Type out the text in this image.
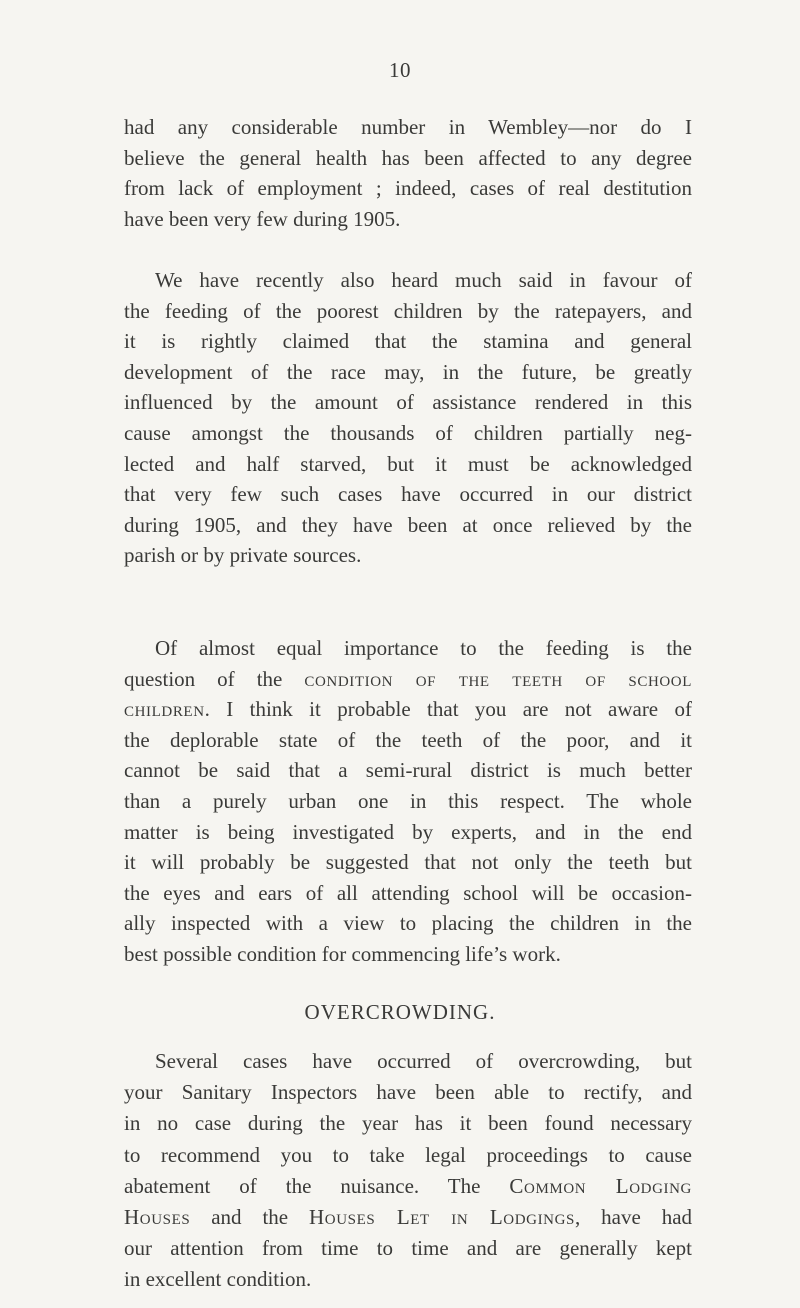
10

had any considerable number in Wembley—nor do I
believe the general health has been affected to any degree
from lack of employment ; indeed, cases of real destitution
have been very few during 1905.

We have recently also heard much said in favour of
the feeding of the poorest children by the ratepayers, and
it is rightly claimed that the stamina and general
development of the race may, in the future, be greatly
influenced by the amount of assistance rendered in this
cause amongst the thousands of children partially neg-
lected and half starved, but it must be acknowledged
that very few such cases have occurred in our district
during 1905, and they have been at once relieved by the
parish or by private sources.

Of almost equal importance to the feeding is the
question of the condition of the teeth of school
children. I think it probable that you are not aware of
the deplorable state of the teeth of the poor, and it
cannot be said that a semi-rural district is much better
than a purely urban one in this respect. The whole
matter is being investigated by experts, and in the end
it will probably be suggested that not only the teeth but
the eyes and ears of all attending school will be occasion-
ally inspected with a view to placing the children in the
best possible condition for commencing life’s work.

OVERCROWDING.

Several cases have occurred of overcrowding, but
your Sanitary Inspectors have been able to rectify, and
in no case during the year has it been found necessary
to recommend you to take legal proceedings to cause
abatement of the nuisance. The Common Lodging
Houses and the Houses Let in Lodgings, have had
our attention from time to time and are generally kept
in excellent condition.
